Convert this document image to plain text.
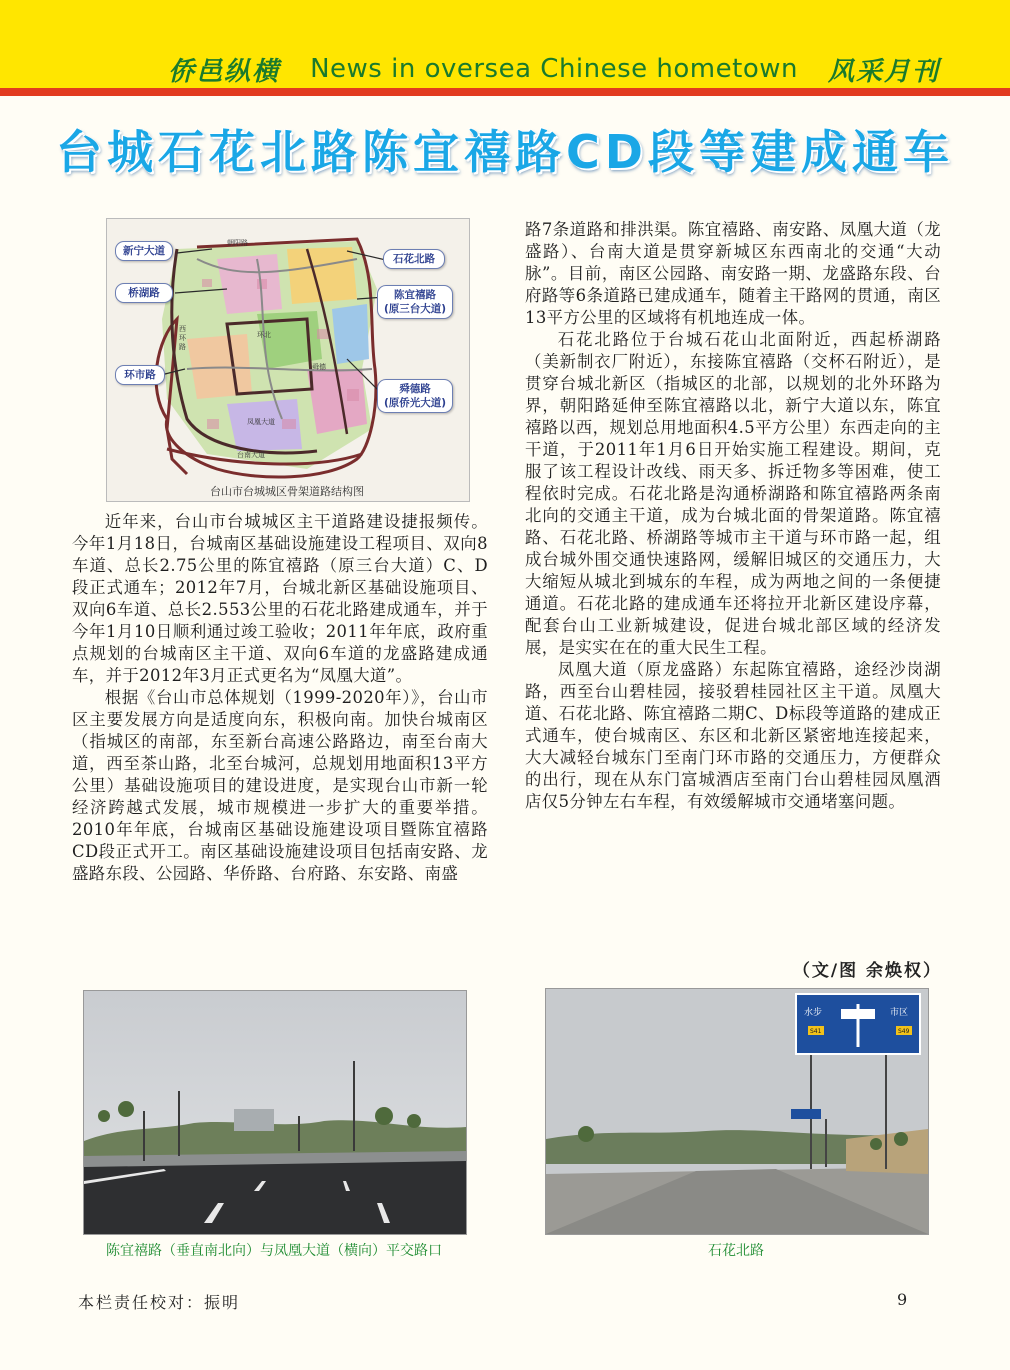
侨邑纵横 News in oversea Chinese hometown 风采月刊
台城石花北路陈宜禧路CD段等建成通车
朝阳路
环北
西
环
路
舜德
凤凰大道
台南大道
新宁大道
桥湖路
环市路
石花北路
陈宜禧路
(原三台大道)
舜德路
(原侨光大道)
台山市台城城区骨架道路结构图

近年来，台山市台城城区主干道路建设捷报频传。今年1月18日，台城南区基础设施建设工程项目、双向8车道、总长2.75公里的陈宜禧路（原三台大道）C、D段正式通车；2012年7月，台城北新区基础设施项目、双向6车道、总长2.553公里的石花北路建成通车，并于今年1月10日顺利通过竣工验收；2011年年底，政府重点规划的台城南区主干道、双向6车道的龙盛路建成通车，并于2012年3月正式更名为“凤凰大道”。

根据《台山市总体规划（1999-2020年）》，台山市区主要发展方向是适度向东，积极向南。加快台城南区（指城区的南部，东至新台高速公路路边，南至台南大道，西至茶山路，北至台城河，总规划用地面积13平方公里）基础设施项目的建设进度，是实现台山市新一轮经济跨越式发展，城市规模进一步扩大的重要举措。2010年年底，台城南区基础设施建设项目暨陈宜禧路CD段正式开工。南区基础设施建设项目包括南安路、龙盛路东段、公园路、华侨路、台府路、东安路、南盛

路7条道路和排洪渠。陈宜禧路、南安路、凤凰大道（龙盛路）、台南大道是贯穿新城区东西南北的交通“大动脉”。目前，南区公园路、南安路一期、龙盛路东段、台府路等6条道路已建成通车，随着主干路网的贯通，南区13平方公里的区域将有机地连成一体。

石花北路位于台城石花山北面附近，西起桥湖路（美新制衣厂附近），东接陈宜禧路（交杯石附近），是贯穿台城北新区（指城区的北部，以规划的北外环路为界，朝阳路延伸至陈宜禧路以北，新宁大道以东，陈宜禧路以西，规划总用地面积4.5平方公里）东西走向的主干道，于2011年1月6日开始实施工程建设。期间，克服了该工程设计改线、雨天多、拆迁物多等困难，使工程依时完成。石花北路是沟通桥湖路和陈宜禧路两条南北向的交通主干道，成为台城北面的骨架道路。陈宜禧路、石花北路、桥湖路等城市主干道与环市路一起，组成台城外围交通快速路网，缓解旧城区的交通压力，大大缩短从城北到城东的车程，成为两地之间的一条便捷通道。石花北路的建成通车还将拉开北新区建设序幕，配套台山工业新城建设，促进台城北部区域的经济发展，是实实在在的重大民生工程。

凤凰大道（原龙盛路）东起陈宜禧路，途经沙岗湖路，西至台山碧桂园，接驳碧桂园社区主干道。凤凰大道、石花北路、陈宜禧路二期C、D标段等道路的建成正式通车，使台城南区、东区和北新区紧密地连接起来，大大减轻台城东门至南门环市路的交通压力，方便群众的出行，现在从东门富城酒店至南门台山碧桂园凤凰酒店仅5分钟左右车程，有效缓解城市交通堵塞问题。

（文/图 余焕权）
陈宜禧路（垂直南北向）与凤凰大道（横向）平交路口
水步	市区
S41	S49
石花北路
本栏责任校对：振明	9
